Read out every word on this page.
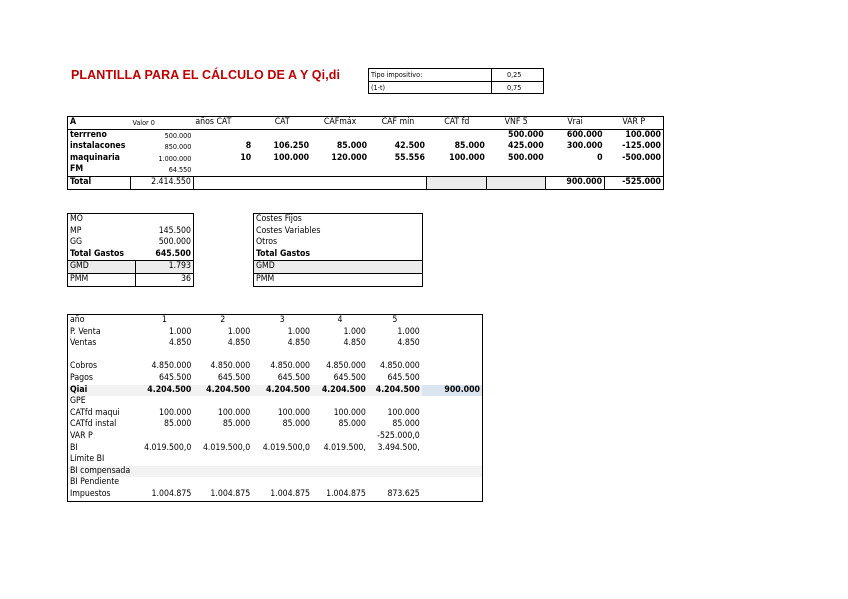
PLANTILLA PARA EL CÁLCULO DE A Y Qi,di	Tipo impositivo:	0,25
(1-t)	0,75
A	Valor 0	años CAT	CAT	CAFmáx	CAF mín	CAT fd	VNF 5	Vrai	VAR P
terrreno	500.000						500.000	600.000	100.000
instalacones	850.000	8	106.250	85.000	42.500	85.000	425.000	300.000	-125.000
maquinaria	1.000.000	10	100.000	120.000	55.556	100.000	500.000	0	-500.000
FM	64.550								
Total	2.414.550							900.000	-525.000
MO	
MP	145.500
GG	500.000
Total Gastos	645.500
GMD	1.793
PMM	36
Costes Fijos
Costes Variables
Otros
Total Gastos
GMD
PMM
año	1	2	3	4	5	
P. Venta	1.000	1.000	1.000	1.000	1.000	
Ventas	4.850	4.850	4.850	4.850	4.850	

Cobros	4.850.000	4.850.000	4.850.000	4.850.000	4.850.000	
Pagos	645.500	645.500	645.500	645.500	645.500	
Qiai	4.204.500	4.204.500	4.204.500	4.204.500	4.204.500	900.000
GPE						
CATfd maqui	100.000	100.000	100.000	100.000	100.000	
CATfd instal	85.000	85.000	85.000	85.000	85.000	
VAR P					-525.000,0	
BI	4.019.500,0	4.019.500,0	4.019.500,0	4.019.500,	3.494.500,	
Límite BI						
BI compensada						
BI Pendiente						
Impuestos	1.004.875	1.004.875	1.004.875	1.004.875	873.625	
